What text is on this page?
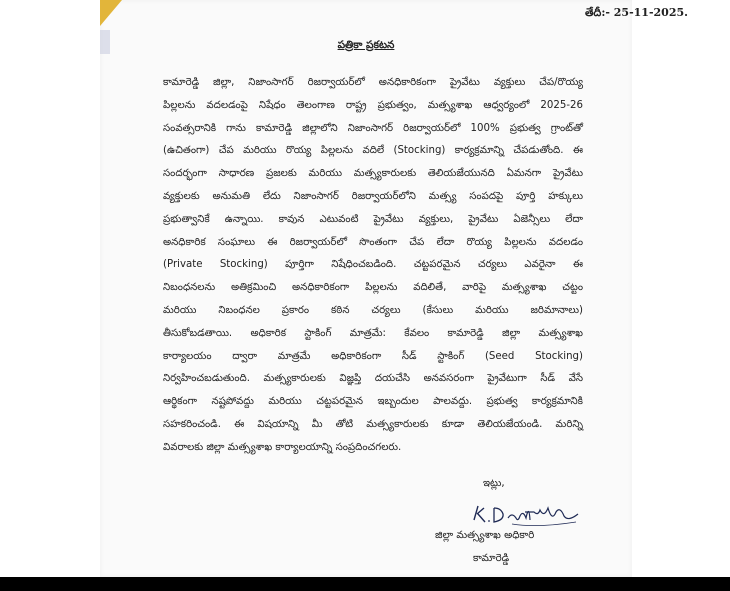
తేదీ:- 25-11-2025.
పత్రికా ప్రకటన
కామారెడ్డి జిల్లా, నిజాంసాగర్ రిజర్వాయర్‌లో అనధికారికంగా ప్రైవేటు వ్యక్తులు చేప/రొయ్య
పిల్లలను వదలడంపై నిషేధం తెలంగాణ రాష్ట్ర ప్రభుత్వం, మత్స్యశాఖ ఆధ్వర్యంలో 2025-26
సంవత్సరానికి గాను కామారెడ్డి జిల్లాలోని నిజాంసాగర్ రిజర్వాయర్‌లో 100% ప్రభుత్వ గ్రాంట్‌తో
(ఉచితంగా) చేప మరియు రొయ్య పిల్లలను వదిలే (Stocking) కార్యక్రమాన్ని చేపడుతోంది. ఈ
సందర్భంగా సాధారణ ప్రజలకు మరియు మత్స్యకారులకు తెలియజేయునది ఏమనగా ప్రైవేటు
వ్యక్తులకు అనుమతి లేదు నిజాంసాగర్ రిజర్వాయర్‌లోని మత్స్య సంపదపై పూర్తి హక్కులు
ప్రభుత్వానికే ఉన్నాయి. కావున ఎటువంటి ప్రైవేటు వ్యక్తులు, ప్రైవేటు ఏజెన్సీలు లేదా
అనధికారిక సంఘాలు ఈ రిజర్వాయర్‌లో సొంతంగా చేప లేదా రొయ్య పిల్లలను వదలడం
(Private Stocking) పూర్తిగా నిషేధించబడింది. చట్టపరమైన చర్యలు ఎవరైనా ఈ
నిబంధనలను అతిక్రమించి అనధికారికంగా పిల్లలను వదిలితే, వారిపై మత్స్యశాఖ చట్టం
మరియు నిబంధనల ప్రకారం కఠిన చర్యలు (కేసులు మరియు జరిమానాలు)
తీసుకోబడతాయి. అధికారిక స్టాకింగ్ మాత్రమే: కేవలం కామారెడ్డి జిల్లా మత్స్యశాఖ
కార్యాలయం ద్వారా మాత్రమే అధికారికంగా సీడ్ స్టాకింగ్ (Seed Stocking)
నిర్వహించబడుతుంది. మత్స్యకారులకు విజ్ఞప్తి దయచేసి అనవసరంగా ప్రైవేటుగా సీడ్ వేసే
ఆర్థికంగా నష్టపోవద్దు మరియు చట్టపరమైన ఇబ్బందుల పాలవద్దు. ప్రభుత్వ కార్యక్రమానికి
సహకరించండి. ఈ విషయాన్ని మీ తోటి మత్స్యకారులకు కూడా తెలియజేయండి. మరిన్ని
వివరాలకు జిల్లా మత్స్యశాఖ కార్యాలయాన్ని సంప్రదించగలరు.
ఇట్లు,
జిల్లా మత్స్యశాఖ అధికారి
కామారెడ్డి
